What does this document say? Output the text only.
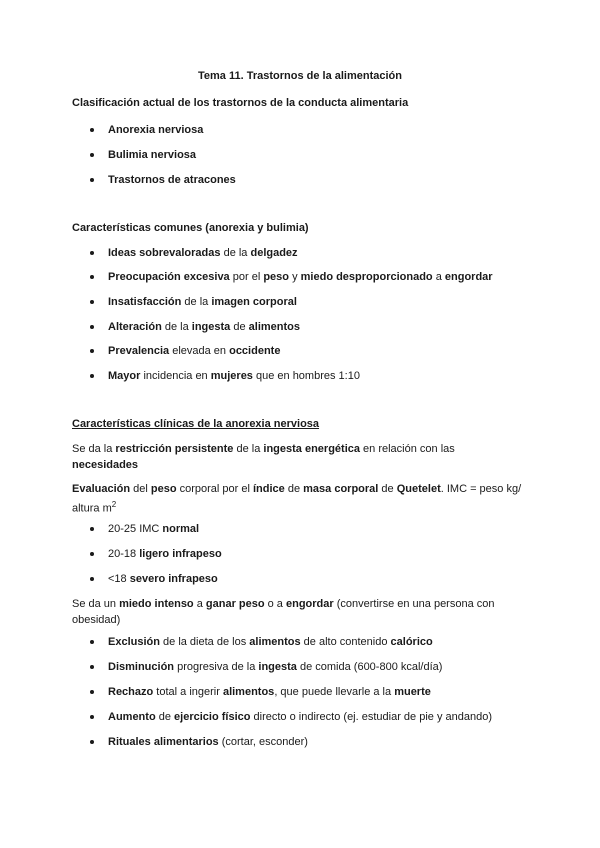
Tema 11. Trastornos de la alimentación
Clasificación actual de los trastornos de la conducta alimentaria
Anorexia nerviosa
Bulimia nerviosa
Trastornos de atracones
Características comunes (anorexia y bulimia)
Ideas sobrevaloradas de la delgadez
Preocupación excesiva por el peso y miedo desproporcionado a engordar
Insatisfacción de la imagen corporal
Alteración de la ingesta de alimentos
Prevalencia elevada en occidente
Mayor incidencia en mujeres que en hombres 1:10
Características clínicas de la anorexia nerviosa
Se da la restricción persistente de la ingesta energética en relación con las
necesidades
Evaluación del peso corporal por el índice de masa corporal de Quetelet. IMC = peso kg/ altura $m^2$
20-25 IMC normal
20-18 ligero infrapeso
<18 severo infrapeso
Se da un miedo intenso a ganar peso o a engordar (convertirse en una persona con obesidad)
Exclusión de la dieta de los alimentos de alto contenido calórico
Disminución progresiva de la ingesta de comida (600-800 kcal/día)
Rechazo total a ingerir alimentos, que puede llevarle a la muerte
Aumento de ejercicio físico directo o indirecto (ej. estudiar de pie y andando)
Rituales alimentarios (cortar, esconder)
